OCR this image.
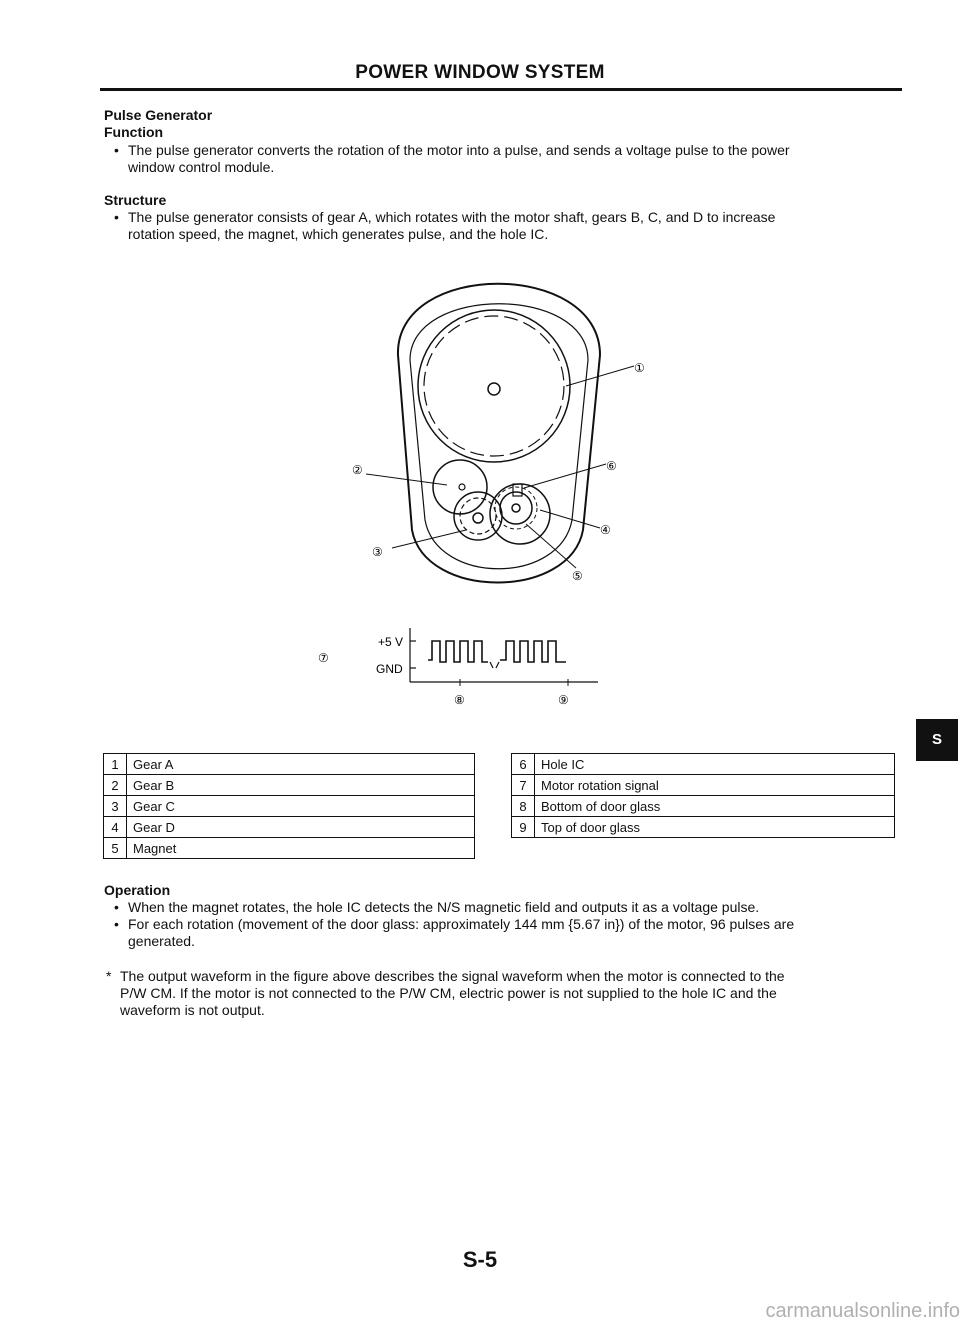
POWER WINDOW SYSTEM
Pulse Generator
Function
• The pulse generator converts the rotation of the motor into a pulse, and sends a voltage pulse to the power
window control module.
Structure
• The pulse generator consists of gear A, which rotates with the motor shaft, gears B, C, and D to increase
rotation speed, the magnet, which generates pulse, and the hole IC.
①
②
③
④
⑤
⑥
⑦
⑧	⑨
+5 V
GND
1	Gear A
2	Gear B
3	Gear C
4	Gear D
5	Magnet
6	Hole IC
7	Motor rotation signal
8	Bottom of door glass
9	Top of door glass
S
Operation
• When the magnet rotates, the hole IC detects the N/S magnetic field and outputs it as a voltage pulse.
• For each rotation (movement of the door glass: approximately 144 mm {5.67 in}) of the motor, 96 pulses are
generated.
* The output waveform in the figure above describes the signal waveform when the motor is connected to the
P/W CM. If the motor is not connected to the P/W CM, electric power is not supplied to the hole IC and the
waveform is not output.
S-5
carmanualsonline.info
